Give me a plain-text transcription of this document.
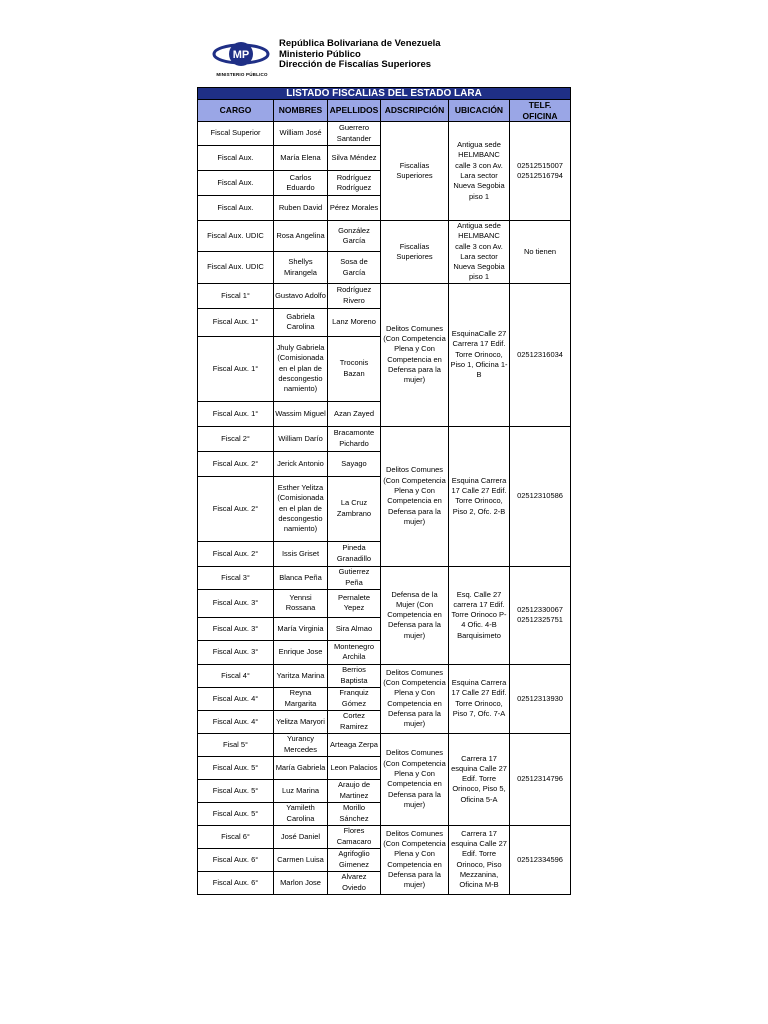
MP
MINISTERIO PÚBLICO
República Bolivariana de Venezuela
Ministerio Público
Dirección de Fiscalías Superiores
LISTADO FISCALIAS DEL ESTADO LARA					
CARGO	NOMBRES	APELLIDOS	ADSCRIPCIÓN	UBICACIÓN	TELF. OFICINA
Fiscal Superior	William José	Guerrero Santander	Fiscalías Superiores	Antigua sede HELMBANC calle 3 con Av. Lara sector Nueva Segobia piso 1	02512515007 02512516794
Fiscal Aux.	María Elena	Silva Méndez			
Fiscal Aux.	Carlos Eduardo	Rodríguez Rodríguez			
Fiscal Aux.	Ruben David	Pérez Morales			
Fiscal Aux. UDIC	Rosa Angelina	González García	Fiscalías Superiores	Antigua sede HELMBANC calle 3 con Av. Lara sector Nueva Segobia piso 1	No tienen
Fiscal Aux. UDIC	Shellys Mirangela	Sosa de García			
Fiscal 1°	Gustavo Adolfo	Rodríguez Rivero	Delitos Comunes (Con Competencia Plena y Con Competencia en Defensa para la mujer)	EsquinaCalle 27 Carrera 17 Edif. Torre Orinoco, Piso 1, Oficina 1-B	02512316034
Fiscal Aux. 1°	Gabriela Carolina	Lanz Moreno			
Fiscal Aux. 1°	Jhuly Gabriela (Comisionada en el plan de descongestio namiento)	Troconis Bazan			
Fiscal Aux. 1°	Wassim Miguel	Azan Zayed			
Fiscal 2°	William Darío	Bracamonte Pichardo	Delitos Comunes (Con Competencia Plena y Con Competencia en Defensa para la mujer)	Esquina Carrera 17 Calle 27 Edif. Torre Orinoco, Piso 2, Ofc. 2-B	02512310586
Fiscal Aux. 2°	Jerick Antonio	Sayago			
Fiscal Aux. 2°	Esther Yelitza (Comisionada en el plan de descongestio namiento)	La Cruz Zambrano			
Fiscal Aux. 2°	Issis Griset	Pineda Granadillo			
Fiscal 3°	Blanca Peña	Gutierrez Peña	Defensa de la Mujer (Con Competencia en Defensa para la mujer)	Esq. Calle 27 carrera 17 Edif. Torre Orinoco P-4 Ofic. 4-B Barquisimeto	02512330067 02512325751
Fiscal Aux. 3°	Yennsi Rossana	Pernalete Yepez			
Fiscal Aux. 3°	María Virginia	Sira Almao			
Fiscal Aux. 3°	Enrique Jose	Montenegro Archila			
Fiscal 4°	Yaritza Marina	Berrios Baptista	Delitos Comunes (Con Competencia Plena y Con Competencia en Defensa para la mujer)	Esquina Carrera 17 Calle 27 Edif. Torre Orinoco, Piso 7, Ofc. 7-A	02512313930
Fiscal Aux. 4°	Reyna Margarita	Franquiz Gómez			
Fiscal Aux. 4°	Yelitza Maryori	Cortez Ramirez			
Fisal 5°	Yurancy Mercedes	Arteaga Zerpa	Delitos Comunes (Con Competencia Plena y Con Competencia en Defensa para la mujer)	Carrera 17 esquina Calle 27 Edif. Torre Orinoco, Piso 5, Oficina 5-A	02512314796
Fiscal Aux. 5°	María Gabriela	Leon Palacios			
Fiscal Aux. 5°	Luz Marina	Araujo de Martinez			
Fiscal Aux. 5°	Yamileth Carolina	Morillo Sánchez			
Fiscal 6°	José Daniel	Flores Camacaro	Delitos Comunes (Con Competencia Plena y Con Competencia en Defensa para la mujer)	Carrera 17 esquina Calle 27 Edif. Torre Orinoco, Piso Mezzanina, Oficina M-B	02512334596
Fiscal Aux. 6°	Carmen Luisa	Agrifoglio Gimenez			
Fiscal Aux. 6°	Marlon Jose	Alvarez Oviedo			
